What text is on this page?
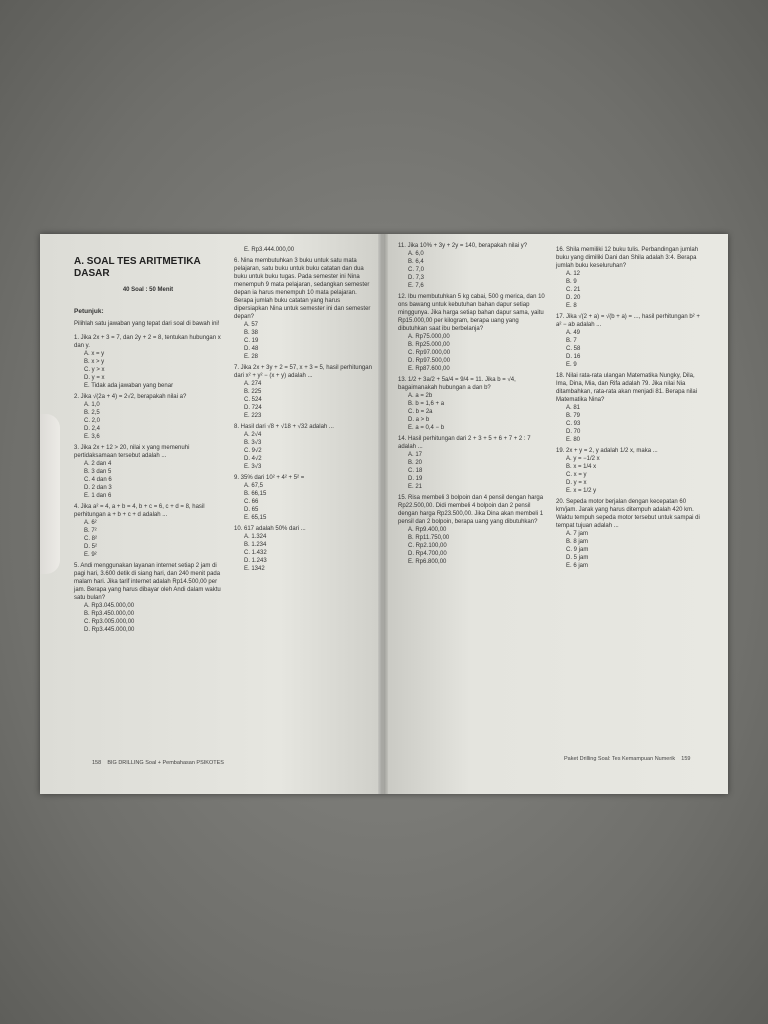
A. SOAL TES ARITMETIKA DASAR
40 Soal : 50 Menit
Petunjuk:

Pilihlah satu jawaban yang tepat dari soal di bawah ini!

1. Jika 2x + 3 = 7, dan 2y + 2 = 8, tentukan hubungan x dan y.
A. x = y
B. x > y
C. y > x
D. y = x
E. Tidak ada jawaban yang benar
2. Jika √(2a + 4) = 2√2, berapakah nilai a?
A. 1,0
B. 2,5
C. 2,0
D. 2,4
E. 3,6
3. Jika 2x + 12 > 20, nilai x yang memenuhi pertidaksamaan tersebut adalah ...
A. 2 dan 4
B. 3 dan 5
C. 4 dan 6
D. 2 dan 3
E. 1 dan 6
4. Jika a² = 4, a + b = 4, b + c = 6, c + d = 8, hasil perhitungan a + b + c + d adalah ...
A. 6²
B. 7²
C. 8²
D. 5²
E. 9²
5. Andi menggunakan layanan internet setiap 2 jam di pagi hari, 3.600 detik di siang hari, dan 240 menit pada malam hari. Jika tarif internet adalah Rp14.500,00 per jam. Berapa yang harus dibayar oleh Andi dalam waktu satu bulan?
A. Rp3.045.000,00
B. Rp3.450.000,00
C. Rp3.005.000,00
D. Rp3.445.000,00
E. Rp3.444.000,00
6. Nina membutuhkan 3 buku untuk satu mata pelajaran, satu buku untuk buku catatan dan dua buku untuk buku tugas. Pada semester ini Nina menempuh 9 mata pelajaran, sedangkan semester depan ia harus menempuh 10 mata pelajaran. Berapa jumlah buku catatan yang harus dipersiapkan Nina untuk semester ini dan semester depan?
A. 57
B. 38
C. 19
D. 48
E. 28
7. Jika 2x + 3y + 2 = 57, x + 3 = 5, hasil perhitungan dari x² + y² − (x + y) adalah ...
A. 274
B. 225
C. 524
D. 724
E. 223
8. Hasil dari √8 + √18 + √32 adalah ...
A. 2√4
B. 3√3
C. 9√2
D. 4√2
E. 3√3
9. 35% dari 10² + 4² + 5² =
A. 67,5
B. 66,15
C. 66
D. 65
E. 65,15
10. 617 adalah 50% dari ...
A. 1.324
B. 1.234
C. 1.432
D. 1.243
E. 1342
158 BIG DRILLING Soal + Pembahasan PSIKOTES
11. Jika 10% + 3y + 2y = 140, berapakah nilai y?
A. 6,0
B. 6,4
C. 7,0
D. 7,3
E. 7,6
12. Ibu membutuhkan 5 kg cabai, 500 g merica, dan 10 ons bawang untuk kebutuhan bahan dapur setiap minggunya. Jika harga setiap bahan dapur sama, yaitu Rp15.000,00 per kilogram, berapa uang yang dibutuhkan saat ibu berbelanja?
A. Rp75.000,00
B. Rp25.000,00
C. Rp97.000,00
D. Rp97.500,00
E. Rp87.600,00
13. 1/2 + 3a/2 + 5a/4 = 9/4 = 11. Jika b = √4, bagaimanakah hubungan a dan b?
A. a = 2b
B. b = 1,6 + a
C. b = 2a
D. a > b
E. a = 0,4 − b
14. Hasil perhitungan dari 2 + 3 + 5 + 6 + 7 + 2 : 7 adalah ...
A. 17
B. 20
C. 18
D. 19
E. 21
15. Risa membeli 3 bolpoin dan 4 pensil dengan harga Rp22.500,00. Didi membeli 4 bolpoin dan 2 pensil dengan harga Rp23.500,00. Jika Dina akan membeli 1 pensil dan 2 bolpoin, berapa uang yang dibutuhkan?
A. Rp9.400,00
B. Rp11.750,00
C. Rp2.100,00
D. Rp4.700,00
E. Rp6.800,00
16. Shila memiliki 12 buku tulis. Perbandingan jumlah buku yang dimiliki Dani dan Shila adalah 3:4. Berapa jumlah buku keseluruhan?
A. 12
B. 9
C. 21
D. 20
E. 8
17. Jika √(2 + a) = √(b + a) = ..., hasil perhitungan b² + a² − ab adalah ...
A. 49
B. 7
C. 58
D. 16
E. 9
18. Nilai rata-rata ulangan Matematika Nungky, Dila, Ima, Dina, Mia, dan Rifa adalah 79. Jika nilai Nia ditambahkan, rata-rata akan menjadi 81. Berapa nilai Matematika Nina?
A. 81
B. 79
C. 93
D. 70
E. 80
19. 2x + y = 2, y adalah 1/2 x, maka ...
A. y = −1/2 x
B. x = 1/4 x
C. x = y
D. y = x
E. x = 1/2 y
20. Sepeda motor berjalan dengan kecepatan 60 km/jam. Jarak yang harus ditempuh adalah 420 km. Waktu tempuh sepeda motor tersebut untuk sampai di tempat tujuan adalah ...
A. 7 jam
B. 8 jam
C. 9 jam
D. 5 jam
E. 6 jam
Paket Drilling Soal: Tes Kemampuan Numerik 159
